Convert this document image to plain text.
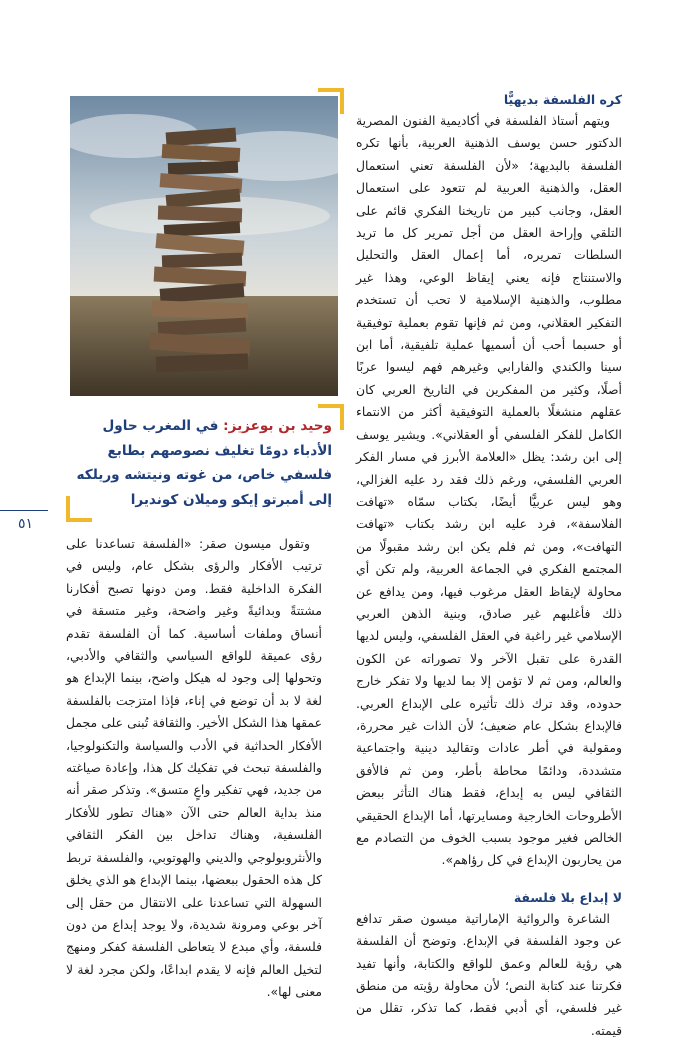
٥١
وحيد بن بوعزيز: في المغرب حاول الأدباء دومًا تغليف نصوصهم بطابع فلسفي خاص، من غوته ونيتشه وريلكه إلى أمبرتو إيكو وميلان كونديرا
كره الفلسفة بديهيًّا

ويتهم أستاذ الفلسفة في أكاديمية الفنون المصرية الدكتور حسن يوسف الذهنية العربية، بأنها تكره الفلسفة بالبديهة؛ «لأن الفلسفة تعني استعمال العقل، والذهنية العربية لم تتعود على استعمال العقل، وجانب كبير من تاريخنا الفكري قائم على التلقي وإراحة العقل من أجل تمرير كل ما تريد السلطات تمريره، أما إعمال العقل والتحليل والاستنتاج فإنه يعني إيقاظ الوعي، وهذا غير مطلوب، والذهنية الإسلامية لا تحب أن تستخدم التفكير العقلاني، ومن ثم فإنها تقوم بعملية توفيقية أو حسبما أحب أن أسميها عملية تلفيقية، أما ابن سينا والكندي والفارابي وغيرهم فهم ليسوا عربًا أصلًا، وكثير من المفكرين في التاريخ العربي كان عقلهم منشغلًا بالعملية التوفيقية أكثر من الانتماء الكامل للفكر الفلسفي أو العقلاني». ويشير يوسف إلى ابن رشد: يظل «العلامة الأبرز في مسار الفكر العربي الفلسفي، ورغم ذلك فقد رد عليه الغزالي، وهو ليس عربيًّا أيضًا، بكتاب سمّاه «تهافت الفلاسفة»، فرد عليه ابن رشد بكتاب «تهافت التهافت»، ومن ثم فلم يكن ابن رشد مقبولًا من المجتمع الفكري في الجماعة العربية، ولم تكن أي محاولة لإيقاظ العقل مرغوب فيها، ومن يدافع عن ذلك فأغلبهم غير صادق، وبنية الذهن العربي الإسلامي غير راغبة في العقل الفلسفي، وليس لديها القدرة على تقبل الآخر ولا تصوراته عن الكون والعالم، ومن ثم لا تؤمن إلا بما لديها ولا تفكر خارج حدوده، وقد ترك ذلك تأثيره على الإبداع العربي. فالإبداع بشكل عام ضعيف؛ لأن الذات غير محررة، ومقولبة في أطر عادات وتقاليد دينية واجتماعية متشددة، ودائمًا محاطة بأطر، ومن ثم فالأفق الثقافي ليس به إبداع، فقط هناك التأثر ببعض الأطروحات الخارجية ومسايرتها، أما الإبداع الحقيقي الخالص فغير موجود بسبب الخوف من التصادم مع من يحاربون الإبداع في كل رؤاهم».

لا إبداع بلا فلسفة

الشاعرة والروائية الإماراتية ميسون صقر تدافع عن وجود الفلسفة في الإبداع. وتوضح أن الفلسفة هي رؤية للعالم وعمق للواقع والكتابة، وأنها تفيد فكرتنا عند كتابة النص؛ لأن محاولة رؤيته من منطق غير فلسفي، أي أدبي فقط، كما تذكر، تقلل من قيمته.

وتقول ميسون صقر: «الفلسفة تساعدنا على ترتيب الأفكار والرؤى بشكل عام، وليس في الفكرة الداخلية فقط. ومن دونها تصبح أفكارنا مشتتةً وبدائيةً وغير واضحة، وغير متسقة في أنساق وملفات أساسية. كما أن الفلسفة تقدم رؤى عميقة للواقع السياسي والثقافي والأدبي، وتحولها إلى وجود له هيكل واضح، بينما الإبداع هو لغة لا بد أن توضع في إناء، فإذا امتزجت بالفلسفة عمقها هذا الشكل الأخير. والثقافة تُبنى على مجمل الأفكار الحداثية في الأدب والسياسة والتكنولوجيا، والفلسفة تبحث في تفكيك كل هذا، وإعادة صياغته من جديد، فهي تفكير واعٍ متسق». وتذكر صقر أنه منذ بداية العالم حتى الآن «هناك تطور للأفكار الفلسفية، وهناك تداخل بين الفكر الثقافي والأنثروبولوجي والديني والهوتوبي، والفلسفة تربط كل هذه الحقول ببعضها، بينما الإبداع هو الذي يخلق السهولة التي تساعدنا على الانتقال من حقل إلى آخر بوعي ومرونة شديدة، ولا يوجد إبداع من دون فلسفة، وأي مبدع لا يتعاطى الفلسفة كفكر ومنهج لتخيل العالم فإنه لا يقدم ابداعًا، ولكن مجرد لغة لا معنى لها».
